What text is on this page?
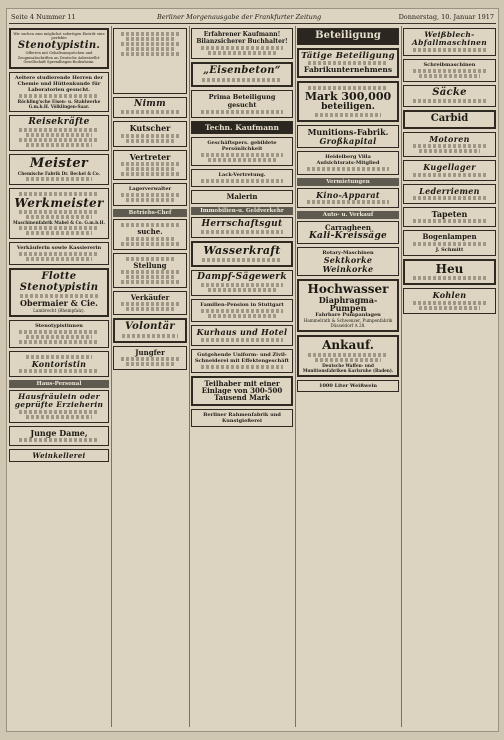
Seite 4 Nummer 11	Berliner Morgenausgabe der Frankfurter Zeitung	Donnerstag, 10. Januar 1917
Wir suchen zum möglichst sofortigen Eintritt eine perfekte
Stenotypistin.
Offerten mit Gehaltsansprüchen und Zeugnisabschriften an Deutsche Asbestzellit-Gesellschaft Sprendlingen-Bodenheim.
Aeltere studierende Herren der Chemie und Hüttenkunde für Laboratorien gesucht.
Röchling'sche Eisen- u. Stahlwerke G.m.b.H. Völklingen-Saar.
Reisekräfte
Meister
Chemische Fabrik Dr. Beckel & Co.
Werkmeister
Maschinenfabrik Mabel & Co. G.m.b.H.
Verkäuferin sowie Kassiererin
Flotte Stenotypistin
Obermaier & Cie.
Lambrecht (Rheinpfalz).
Stenotypistinnen
Kontoristin
Haus-Personal
Hausfräulein oder geprüfte Erzieherin
Junge Dame,
Weinkellerei
Nimm
Kutscher
Vertreter
Lagerverwalter
Betriebs-Chef
suche.
Stellung
Verkäufer
Volontär
Jungfer
Erfahrener Kaufmann! Bilanzsicherer Buchhalter!
„Eisenbeton“
Prima Beteiligung gesucht
Techn. Kaufmann
Geschäftspers. gebildete Persönlichkeit
Lack-Vertretung.
Malerin
Immobilien-u. Geldverkehr
Herrschaftsgut
Wasserkraft
Dampf-Sägewerk
Familien-Pension in Stuttgart
Kurhaus und Hotel
Gutgehende Uniform- und Zivil-Schneiderei mit Effektengeschäft
Teilhaber mit einer Einlage von 300-500 Tausend Mark
Berliner Rahmenfabrik und Kunstgießerei
Beteiligung
Tätige Beteiligung
Fabrikunternehmens
Mark 300,000
beteiligen.
Munitions-Fabrik.
Großkapital
Heidelberg Villa
Aufsichtsrats-Mitglied
Vermietungen
Kino-Apparat
Auto- u. Verkauf
Carragheen
Kali-Kreissäge
Rotary-Maschinen
Sektkorke
Weinkorke
Hochwasser
Diaphragma-Pumpen
Fahrbare Pumpanlagen
Hammelrath & Schwenzer, Pumpenfabrik Düsseldorf A 28.
Ankauf.
Deutsche Waffen- und Munitionsfabriken Karlsruhe (Baden).
1000 Liter Weißwein
Weißblech-Abfallmaschinen
Schreibmaschinen
Säcke
Carbid
Motoren
Kugellager
Lederriemen
Tapeten
Bogenlampen
J. Schmitt
Heu
Kohlen
